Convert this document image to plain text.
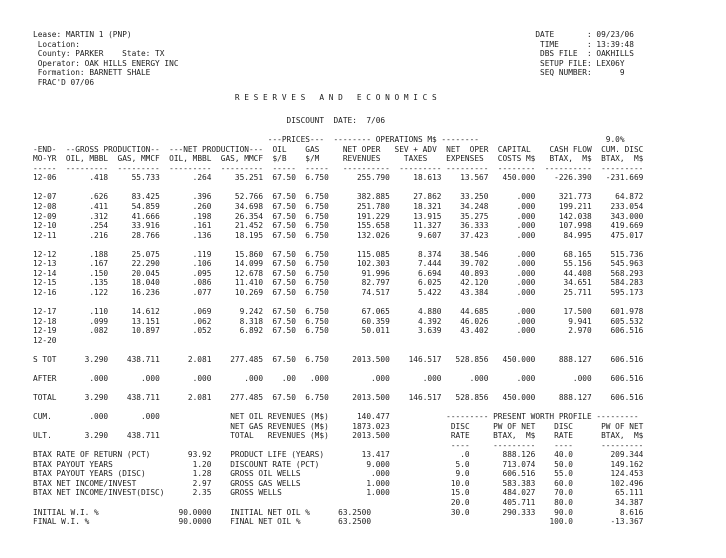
Lease: MARTIN 1 (PNP)
Location:
County: PARKER    State: TX
Operator: OAK HILLS ENERGY INC
Formation: BARNETT SHALE
FRAC'D 07/06
DATE	: 09/23/06
TIME	: 13:39:48
DBS FILE : OAKHILLS
SETUP FILE : LEX06Y
SEQ NUMBER :	9
R E S E R V E S   A N D   E C O N O M I C S
DISCOUNT  DATE:  7/06
---PRICES--- -------- OPERATIONS M$ --------	9.0%
-END- --GROSS PRODUCTION-- ---NET PRODUCTION--- OIL GAS	NET OPER SEV + ADV NET  OPER CAPITAL CASH FLOW CUM. DISC
MO-YR OIL, MBBL GAS, MMCF OIL, MBBL GAS, MMCF $/B $/M	REVENUES	TAXES EXPENSES COSTS M$ BTAX,  M$ BTAX,  M$
----- --------- --------- --------- --------- ----- ----- ---------- --------- --------- -------- ---------- ---------
12-06	.418	55.733	.264	35.251 67.50 6.750	255.790	18.613 13.567 450.000 -226.390 -231.669
12-07	.626	83.425	.396	52.766 67.50 6.750	382.885	27.862 33.250	.000	321.773	64.872
12-08	.411	54.859	.260	34.698 67.50 6.750	251.780	18.321 34.248	.000	199.211 233.054
12-09	.312	41.666	.198	26.354 67.50 6.750	191.229	13.915 35.275	.000	142.038 343.000
12-10	.254	33.916	.161	21.452 67.50 6.750	155.658	11.327 36.333	.000	107.998 419.669
12-11	.216	28.766	.136	18.195 67.50 6.750	132.026	9.607 37.423	.000	84.995 475.017
12-12	.188	25.075	.119	15.860 67.50 6.750	115.085	8.374 38.546	.000	68.165 515.736
12-13	.167	22.290	.106	14.099 67.50 6.750	102.303	7.444 39.702	.000	55.156 545.963
12-14	.150	20.045	.095	12.678 67.50 6.750	91.996	6.694 40.893	.000	44.408 568.293
12-15	.135	18.040	.086	11.410 67.50 6.750	82.797	6.025 42.120	.000	34.651 584.283
12-16	.122	16.236	.077	10.269 67.50 6.750	74.517	5.422 43.384	.000	25.711 595.173
12-17	.110	14.612	.069	9.242 67.50 6.750	67.065	4.880 44.685	.000	17.500 601.978
12-18	.099	13.151	.062	8.318 67.50 6.750	60.359	4.392 46.026	.000	9.941 605.532
12-19	.082	10.897	.052	6.892 67.50 6.750	50.011	3.639 43.402	.000	2.970 606.516
12-20
S TOT	3.290 438.711	2.081 277.485 67.50 6.750	2013.500 146.517 528.856 450.000	888.127 606.516
AFTER	.000	.000	.000	.000 .00 .000	.000	.000	.000	.000	.000 606.516
TOTAL	3.290 438.711	2.081 277.485 67.50 6.750	2013.500 146.517 528.856 450.000	888.127 606.516
CUM.	.000	.000	NET OIL REVENUES (M$)	140.477	--------- PRESENT WORTH PROFILE ---------
NET GAS REVENUES (M$)	1873.023	DISC	PW OF NET DISC	PW OF NET
ULT.	3.290 438.711	TOTAL   REVENUES (M$)	2013.500	RATE	BTAX,  M$ RATE	BTAX,  M$
----	--------- ----	---------
BTAX RATE OF RETURN (PCT)	93.92 PRODUCT LIFE (YEARS)	13.417	.0	888.126 40.0	209.344
BTAX PAYOUT YEARS	1.20 DISCOUNT RATE (PCT)	9.000	5.0	713.074 50.0	149.162
BTAX PAYOUT YEARS (DISC)	1.28 GROSS OIL WELLS	.000	9.0	606.516 55.0	124.453
BTAX NET INCOME/INVEST	2.97 GROSS GAS WELLS	1.000	10.0	583.383 60.0	102.496
BTAX NET INCOME/INVEST(DISC)	2.35 GROSS WELLS	1.000	15.0	484.027 70.0	65.111
20.0	405.711 80.0	34.387
INITIAL W.I. %	90.0000 INITIAL NET OIL %	63.2500	30.0	290.333 90.0	8.616
FINAL W.I. %	90.0000 FINAL NET OIL %	63.2500	100.0	-13.367
